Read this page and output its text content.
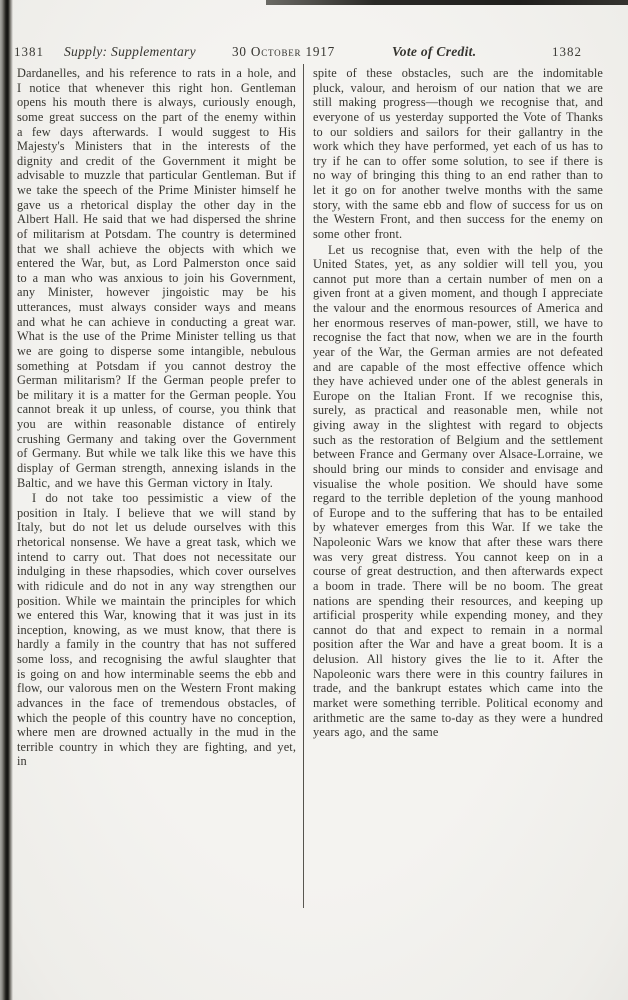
1381 Supply: Supplementary	30 October 1917	Vote of Credit.	1382

Dardanelles, and his reference to rats in a hole, and I notice that whenever this right hon. Gentleman opens his mouth there is always, curiously enough, some great success on the part of the enemy within a few days afterwards. I would suggest to His Majesty's Ministers that in the interests of the dignity and credit of the Government it might be advisable to muzzle that particular Gentleman. But if we take the speech of the Prime Minister himself he gave us a rhetorical display the other day in the Albert Hall. He said that we had dispersed the shrine of militarism at Potsdam. The country is determined that we shall achieve the objects with which we entered the War, but, as Lord Palmerston once said to a man who was anxious to join his Government, any Minister, however jingoistic may be his utterances, must always consider ways and means and what he can achieve in conducting a great war. What is the use of the Prime Minister telling us that we are going to disperse some intangible, nebulous something at Potsdam if you cannot destroy the German militarism? If the German people prefer to be military it is a matter for the German people. You cannot break it up unless, of course, you think that you are within reasonable distance of entirely crushing Germany and taking over the Government of Germany. But while we talk like this we have this display of German strength, annexing islands in the Baltic, and we have this German victory in Italy.

I do not take too pessimistic a view of the position in Italy. I believe that we will stand by Italy, but do not let us delude ourselves with this rhetorical nonsense. We have a great task, which we intend to carry out. That does not necessitate our indulging in these rhapsodies, which cover ourselves with ridicule and do not in any way strengthen our position. While we maintain the principles for which we entered this War, knowing that it was just in its inception, knowing, as we must know, that there is hardly a family in the country that has not suffered some loss, and recognising the awful slaughter that is going on and how interminable seems the ebb and flow, our valorous men on the Western Front making advances in the face of tremendous obstacles, of which the people of this country have no conception, where men are drowned actually in the mud in the terrible country in which they are fighting, and yet, in

spite of these obstacles, such are the indomitable pluck, valour, and heroism of our nation that we are still making progress—though we recognise that, and everyone of us yesterday supported the Vote of Thanks to our soldiers and sailors for their gallantry in the work which they have performed, yet each of us has to try if he can to offer some solution, to see if there is no way of bringing this thing to an end rather than to let it go on for another twelve months with the same story, with the same ebb and flow of success for us on the Western Front, and then success for the enemy on some other front.

Let us recognise that, even with the help of the United States, yet, as any soldier will tell you, you cannot put more than a certain number of men on a given front at a given moment, and though I appreciate the valour and the enormous resources of America and her enormous reserves of man-power, still, we have to recognise the fact that now, when we are in the fourth year of the War, the German armies are not defeated and are capable of the most effective offence which they have achieved under one of the ablest generals in Europe on the Italian Front. If we recognise this, surely, as practical and reasonable men, while not giving away in the slightest with regard to objects such as the restoration of Belgium and the settlement between France and Germany over Alsace-Lorraine, we should bring our minds to consider and envisage and visualise the whole position. We should have some regard to the terrible depletion of the young manhood of Europe and to the suffering that has to be entailed by whatever emerges from this War. If we take the Napoleonic Wars we know that after these wars there was very great distress. You cannot keep on in a course of great destruction, and then afterwards expect a boom in trade. There will be no boom. The great nations are spending their resources, and keeping up artificial prosperity while expending money, and they cannot do that and expect to remain in a normal position after the War and have a great boom. It is a delusion. All history gives the lie to it. After the Napoleonic wars there were in this country failures in trade, and the bankrupt estates which came into the market were something terrible. Political economy and arithmetic are the same to-day as they were a hundred years ago, and the same
